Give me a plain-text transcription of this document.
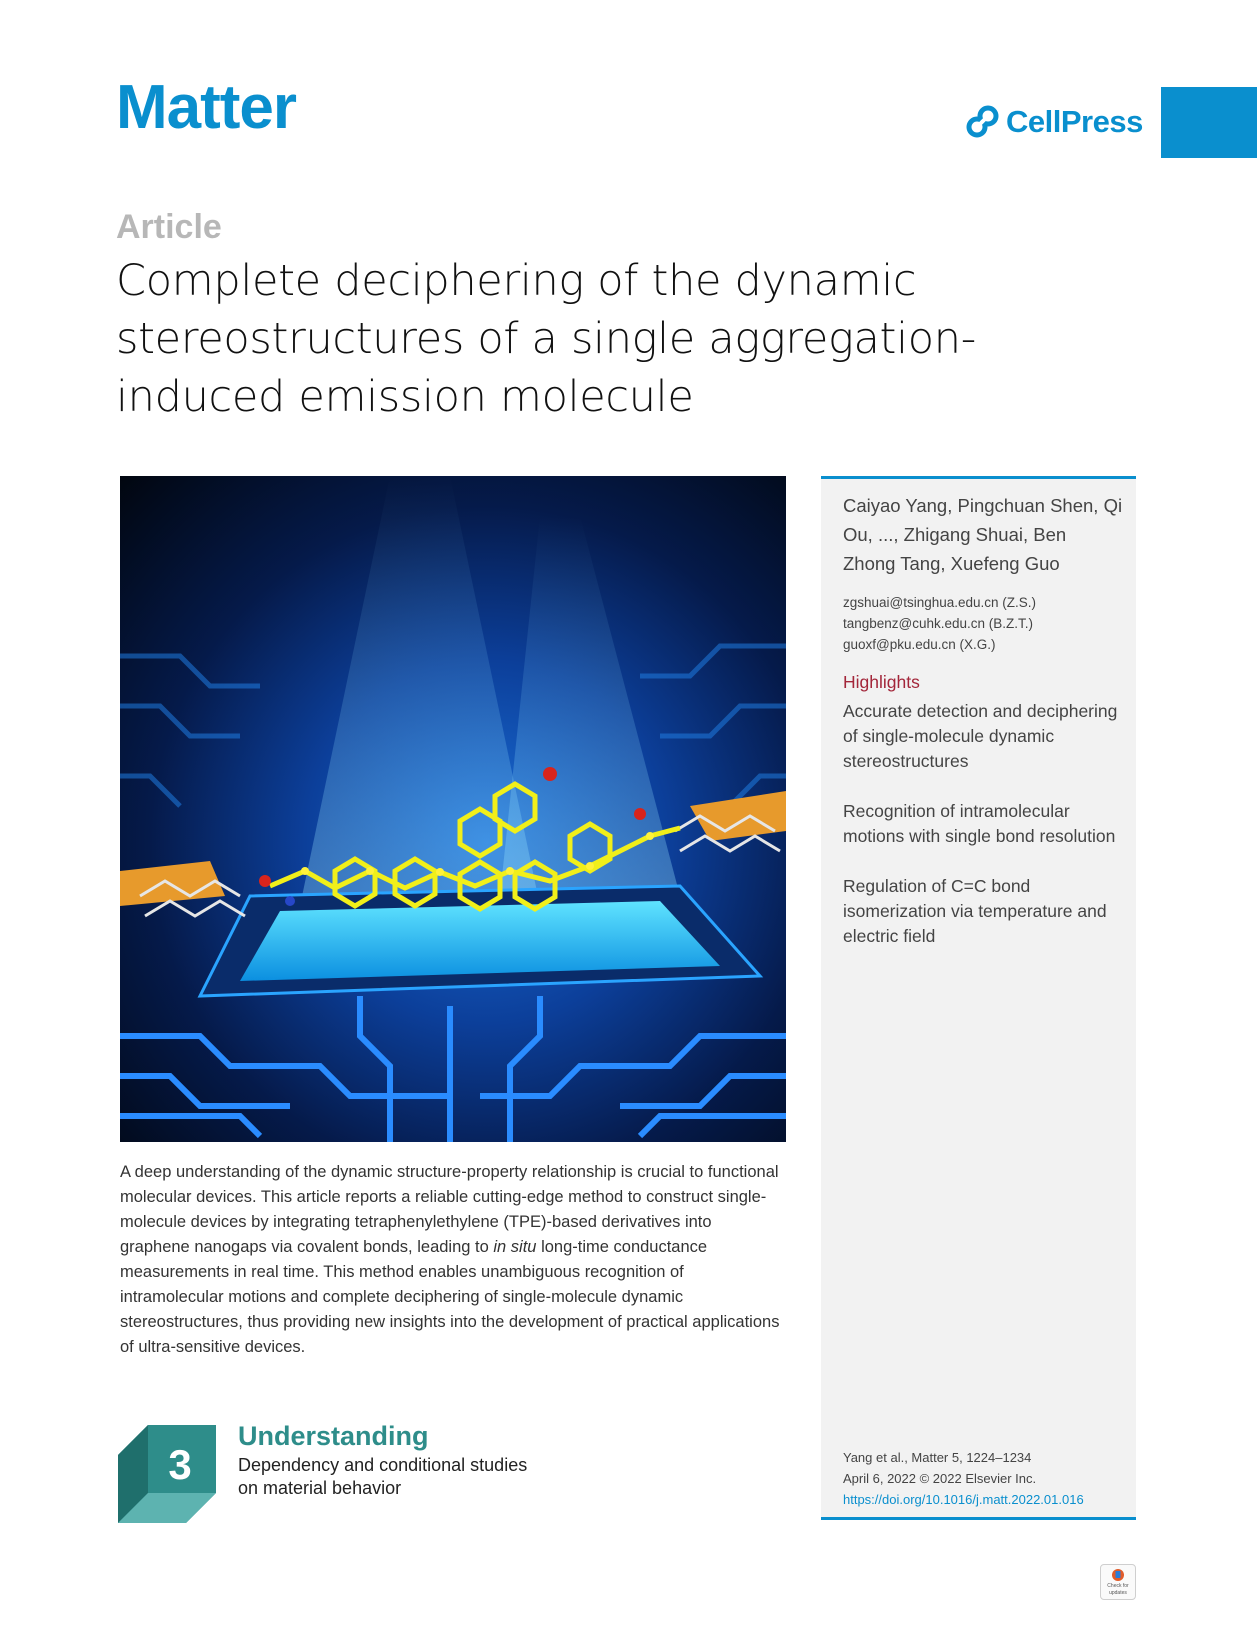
Matter	CellPress
Article
Complete deciphering of the dynamic stereostructures of a single aggregation-induced emission molecule

A deep understanding of the dynamic structure-property relationship is crucial to functional molecular devices. This article reports a reliable cutting-edge method to construct single-molecule devices by integrating tetraphenylethylene (TPE)-based derivatives into graphene nanogaps via covalent bonds, leading to in situ long-time conductance measurements in real time. This method enables unambiguous recognition of intramolecular motions and complete deciphering of single-molecule dynamic stereostructures, thus providing new insights into the development of practical applications of ultra-sensitive devices.

3

Understanding

Dependency and conditional studies
on material behavior

Caiyao Yang, Pingchuan Shen, Qi Ou, ..., Zhigang Shuai, Ben Zhong Tang, Xuefeng Guo

zgshuai@tsinghua.edu.cn (Z.S.)
tangbenz@cuhk.edu.cn (B.Z.T.)
guoxf@pku.edu.cn (X.G.)
Highlights
Accurate detection and deciphering of single-molecule dynamic stereostructures
Recognition of intramolecular motions with single bond resolution
Regulation of C=C bond isomerization via temperature and electric field
Yang et al., Matter 5, 1224–1234
April 6, 2022 © 2022 Elsevier Inc.
https://doi.org/10.1016/j.matt.2022.01.016
Check for
updates
